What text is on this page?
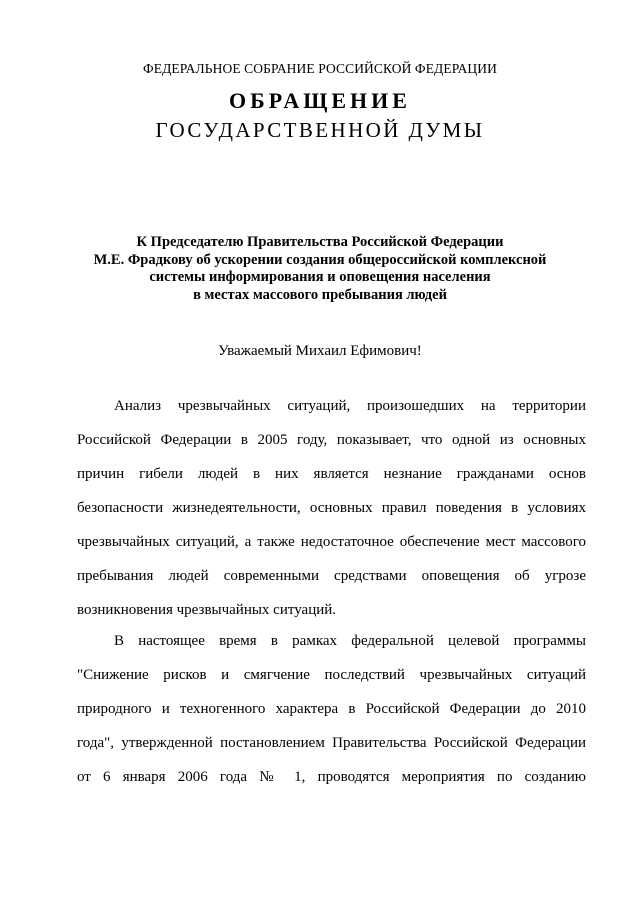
ФЕДЕРАЛЬНОЕ СОБРАНИЕ РОССИЙСКОЙ ФЕДЕРАЦИИ
ОБРАЩЕНИЕ
ГОСУДАРСТВЕННОЙ ДУМЫ
К Председателю Правительства Российской Федерации
М.Е. Фрадкову об ускорении создания общероссийской комплексной
системы информирования и оповещения населения
в местах массового пребывания людей
Уважаемый Михаил Ефимович!
Анализ чрезвычайных ситуаций, произошедших на территории
Российской Федерации в 2005 году, показывает, что одной из основных
причин гибели людей в них является незнание гражданами основ
безопасности жизнедеятельности, основных правил поведения в условиях
чрезвычайных ситуаций, а также недостаточное обеспечение мест массового
пребывания людей современными средствами оповещения об угрозе
возникновения чрезвычайных ситуаций.
В настоящее время в рамках федеральной целевой программы
"Снижение рисков и смягчение последствий чрезвычайных ситуаций
природного и техногенного характера в Российской Федерации до 2010
года", утвержденной постановлением Правительства Российской Федерации
от 6 января 2006 года № 1, проводятся мероприятия по созданию
